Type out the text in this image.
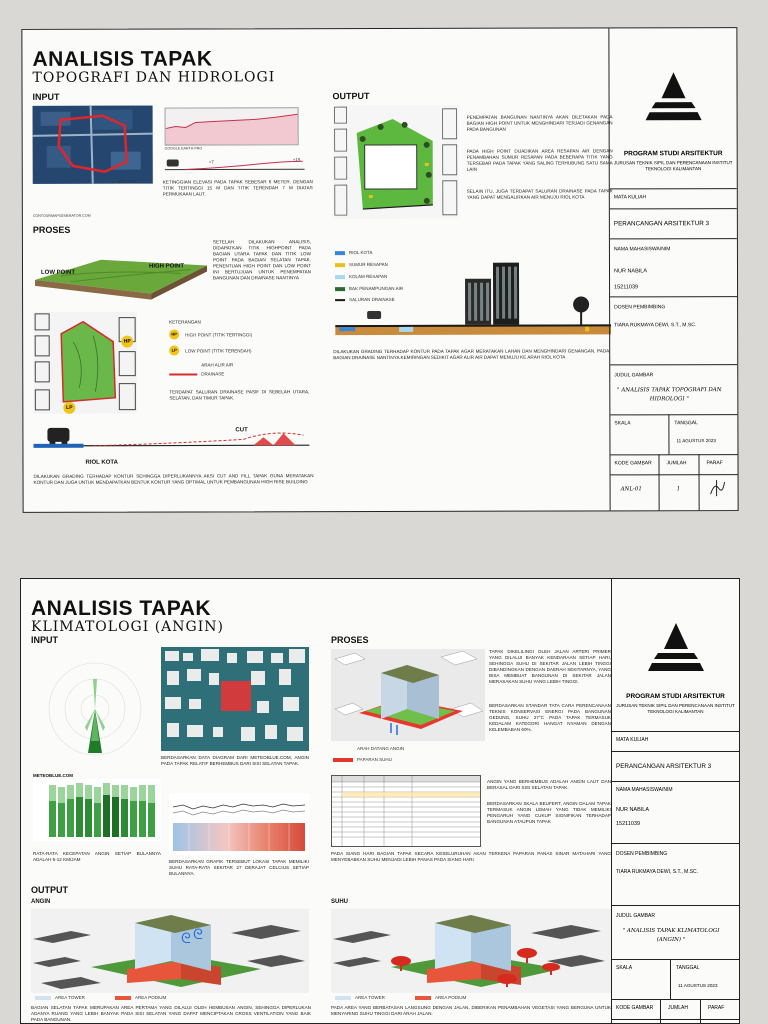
ANALISIS TAPAK
TOPOGRAFI DAN HIDROLOGI
INPUT
RIOL KOTA
GOOGLE EARTH PRO
+7	+15
KETINGGIAN ELEVASI PADA TAPAK SEBESAR 6 METER. DENGAN TITIK TERTINGGI 15 M DAN TITIK TERENDAH 7 M DIATAS PERMUKAAN LAUT.
CONTOURMAPGENERATOR.COM
PROSES
LOW POINT
HIGH POINT
SETELAH DILAKUKAN ANALISIS, DIDAPATKAN TITIK HIGHPOINT PADA BAGIAN UTARA TAPAK DAN TITIK LOW POINT PADA BAGIAN SELATAN TAPAK. PENENTUAN HIGH POINT DAN LOW POINT INI BERTUJUAN UNTUK PENEMPATAN BANGUNAN DAN DRAINASE NANTINYA
HP
LP
KETERANGAN
HP	HIGH POINT (TITIK TERTINGGI)
LP	LOW POINT (TITIK TERENDAH)
ARAH ALIR AIR
DRAINASE
TERDAPAT SALURAN DRAINASE PASIF DI SEBELAH UTARA, SELATAN, DAN TIMUR TAPAK.
CUT
RIOL KOTA
DILAKUKAN GRADING TERHADAP KONTUR SEHINGGA DIPERLUKANNYA AKSI CUT AND FILL TAPAK GUNA MERATAKAN KONTUR DAN JUGA UNTUK MENDAPATKAN BENTUK KONTUR YANG OPTIMAL UNTUK PEMBANGUNAN HIGH RISE BUILDING
OUTPUT
PENEMPATAN BANGUNAN NANTINYA AKAN DILETAKAN PADA BAGIAN HIGH POINT UNTUK MENGHINDARI TERJADI GENANGAN PADA BANGUNAN
PADA HIGH POINT DIJADIKAN AREA RESAPAN AIR DENGAN PENAMBAHAN SUMUR RESAPAN PADA BEBERAPA TITIK YANG TERSEBAR PADA TAPAK YANG SALING TERHUBUNG SATU SAMA LAIN
SELAIN ITU, JUGA TERDAPAT SALURAN DRAINASE PADA TAPAK YANG DAPAT MENGALIRKAN AIR MENUJU RIOL KOTA
RIOL KOTA
SUMUR RESAPAN
KOLAM RESAPAN
BAK PENAMPUNGAN AIR
SALURAN DRAINASE
DILAKUKAN GRADING TERHADAP KONTUR PADA TAPAK AGAR MERATAKAN LAHAN DAN MENGHINDARI GENANGAN. PADA BAGIAN DRAINASE NANTINYA KEMIRINGAN SEDIKIT AGAR ALIR AIR DAPAT MENUJU KE ARAH RIOL KOTA
PROGRAM STUDI ARSITEKTUR
JURUSAN TEKNIK SIPIL DAN PERENCANAAN INSTITUT TEKNOLOGI KALIMANTAN
MATA KULIAH
PERANCANGAN ARSITEKTUR 3
NAMA MAHASISWA/NIM
NUR NABILA
15211039
DOSEN PEMBIMBING
TIARA RUKMAYA DEWI, S.T., M.SC.
JUDUL GAMBAR
" ANALISIS TAPAK TOPOGRAFI DAN HIDROLOGI "
SKALA	TANGGAL
11 AGUSTUS 2023
KODE GAMBAR	JUMLAH	PARAF
ANL-01	1
ANALISIS TAPAK
KLIMATOLOGI (ANGIN)
INPUT
METEOBLUE.COM
BERDASARKAN DATA DIAGRAM DARI METEOBLUE.COM, ANGIN PADA TAPAK RELATIF BERHEMBUS DARI SISI SELATAN TAPAK.
RATA-RATA KECEPATAN ANGIN SETIAP BULANNYA ADALAH 5-12 KM/JAM	BERDASARKAN GRAFIK TERSEBUT LOKASI TAPAK MEMILIKI SUHU RATA-RATA SEKITAR 27 DERAJAT CELCIUS SETIAP BULANNYA.
PROSES
ARAH DATANG ANGIN
PAPARAN SUHU
TAPAK DIKELILINGI OLEH JALAN ARTERI PRIMER YANG DILALUI BANYAK KENDARAAN SETIAP HARI, SEHINGGA SUHU DI SEKITAR JALAN LEBIH TINGGI DIBANDINGKAN DENGAN DAERAH SEKITARNYA, YANG BISA MEMBUAT BANGUNAN DI SEKITAR JALAN MERASAKAN SUHU YANG LEBIH TINGGI.
BERDASARKAN STANDAR TATA CARA PERENCANAAN TEKNIS KONSERVASI ENERGI PADA BANGUNAN GEDUNG, SUHU 27°C PADA TAPAK TERMASUK KEDALAM KATEGORI HANGAT NYAMAN DENGAN KELEMBABAN 60%.
ANGIN YANG BERHEMBUS ADALAH ANGIN LAUT DAN BERASAL DARI SISI SELATAN TAPAK.
BERDASARKAN SKALA BEUFERT, ANGIN DALAM TAPAK TERMASUK ANGIN LEMAH YANG TIDAK MEMILIKI PENGARUH YANG CUKUP SIGNIFIKAN TERHADAP BANGUNAN ATAUPUN TAPAK
PADA SIANG HARI BAGIAN TAPAK SECARA KESELURUHAN AKAN TERKENA PAPARAN PANAS SINAR MATAHARI YANG MENYEBABKAN SUHU MENJADI LEBIH PANAS PADA SIANG HARI
OUTPUT
ANGIN
ᘓ ᘓ
AREA TOWER	AREA PODIUM
BAGIAN SELATAN TAPAK MERUPAKAN AREA PERTAMA YANG DILALUI OLEH HEMBUSAN ANGIN, SEHINGGA DIPERLUKAN ADANYA RUANG YANG LEBIH BANYAK PADA SISI SELATAN YANG DAPAT MENCIPTAKAN CROSS VENTILATION YANG BAIK PADA BANGUNAN.
SUHU
AREA TOWER	AREA PODIUM
PADA AREA YANG BERBATASAN LANGSUNG DENGAN JALAN, DIBERIKAN PENAMBAHAN VEGETASI YANG BERGUNA UNTUK MENYARING SUHU TINGGI DARI ARAH JALAN.
PROGRAM STUDI ARSITEKTUR
JURUSAN TEKNIK SIPIL DAN PERENCANAAN INSTITUT TEKNOLOGI KALIMANTAN
MATA KULIAH
PERANCANGAN ARSITEKTUR 3
NAMA MAHASISWA/NIM
NUR NABILA
15211039
DOSEN PEMBIMBING
TIARA RUKMAYA DEWI, S.T., M.SC.
JUDUL GAMBAR
" ANALISIS TAPAK KLIMATOLOGI (ANGIN) "
SKALA	TANGGAL
11 AGUSTUS 2023
KODE GAMBAR	JUMLAH	PARAF
